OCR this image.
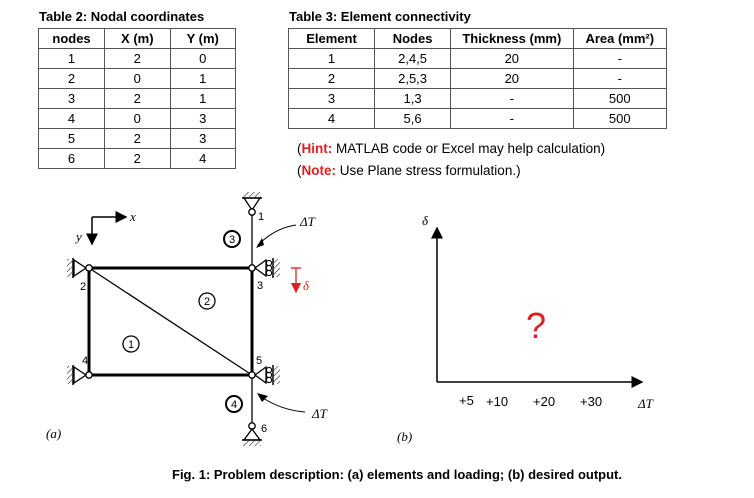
Table 2: Nodal coordinates
nodes	X (m)	Y (m)
1	2	0
2	0	1
3	2	1
4	0	3
5	2	3
6	2	4
Table 3: Element connectivity
Element	Nodes	Thickness (mm)	Area (mm²)
1	2,4,5	20	-
2	2,5,3	20	-
3	1,3	-	500
4	5,6	-	500
(Hint: MATLAB code or Excel may help calculation)
(Note: Use Plane stress formulation.)
x
y
δ
1
2	3
4	5
6
1
2
3
4
ΔT
ΔT
(a)
δ
ΔT
+5 +10 +20 +30
?
(b)
Fig. 1: Problem description: (a) elements and loading; (b) desired output.
